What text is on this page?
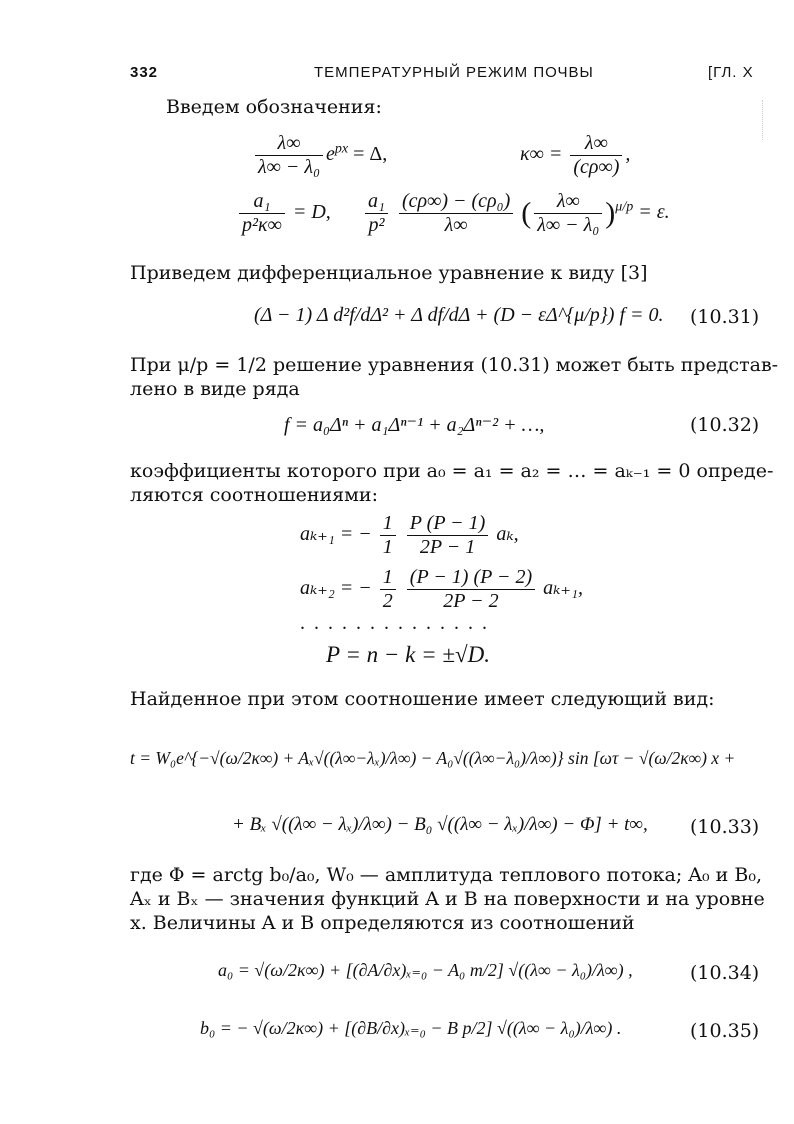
332	ТЕМПЕРАТУРНЫЙ РЕЖИМ ПОЧВЫ	[ГЛ. X
Введем обозначения:
$\frac{\lambda\infty}{\text{λ∞ − λ₀}} e^{px} = \Delta$,	$\kappa\infty = \frac{\lambda\infty}{(c\rho\infty)}$ ,
$\frac{\text{a₁}}{\text{p²κ∞}} = D$, $\frac{\text{a₁}}{\text{p²}}$
$\frac{\text{(cρ∞) − (cρ₀)}}{\lambda\infty}$ ( $\frac{\lambda\infty}{\text{λ∞ − λ₀}} )^{\mu/p} = \varepsilon$.
Приведем дифференциальное уравнение к виду [3]
(Δ − 1) Δ d²f/dΔ² + Δ df/dΔ + (D − εΔ^{μ/p}) f = 0. (10.31)
При μ/p = 1/2 решение уравнения (10.31) может быть представ-
лено в виде ряда
f = a₀Δⁿ + a₁Δⁿ⁻¹ + a₂Δⁿ⁻² + …,	(10.32)
коэффициенты которого при a₀ = a₁ = a₂ = … = aₖ₋₁ = 0 опреде-
ляются соотношениями:
aₖ₊₁ = − $\frac{1}{1}$
$\frac{P (P - 1)}{2P - 1} a_k$,
aₖ₊₂ = − $\frac{1}{2}$
$\frac{(P - 1) (P - 2)}{2P - 2} a_{k+1}$,
. . . . . . . . . . . . . .
P = n − k = ±√D.
Найденное при этом соотношение имеет следующий вид:
t = W₀e^{−√(ω/2κ∞) + Aₓ√((λ∞−λₓ)/λ∞) − A₀√((λ∞−λ₀)/λ∞)} sin [ωτ − √(ω/2κ∞) x +
+ Bₓ √((λ∞ − λₓ)/λ∞) − B₀ √((λ∞ − λₓ)/λ∞) − Φ] + t∞, (10.33)
где Φ = arctg b₀/a₀, W₀ — амплитуда теплового потока; A₀ и B₀,
Aₓ и Bₓ — значения функций A и B на поверхности и на уровне
x. Величины A и B определяются из соотношений
a₀ = √(ω/2κ∞) + [(∂A/∂x)ₓ₌₀ − A₀ m/2] √((λ∞ − λ₀)/λ∞) ,	(10.34)
b₀ = − √(ω/2κ∞) + [(∂B/∂x)ₓ₌₀ − B p/2] √((λ∞ − λ₀)/λ∞) .	(10.35)
